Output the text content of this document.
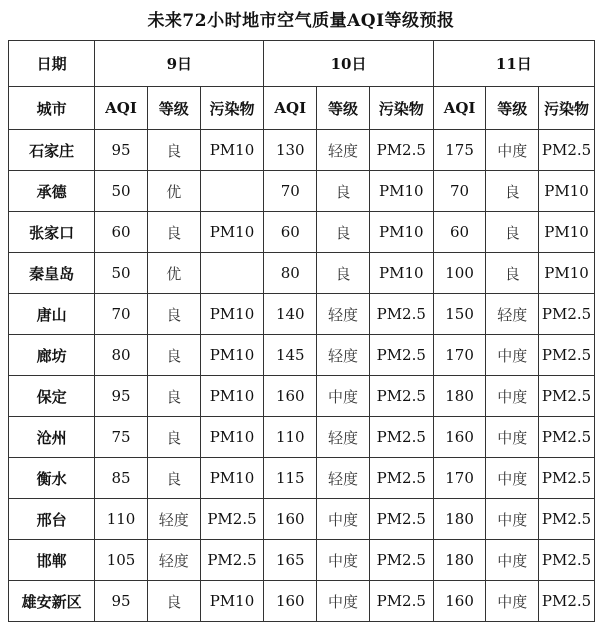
未来72小时地市空气质量AQI等级预报
日期	9日			10日			11日		
城市	AQI	等级	污染物	AQI	等级	污染物	AQI	等级	污染物
石家庄	95	良	PM10	130	轻度	PM2.5	175	中度	PM2.5
承德	50	优		70	良	PM10	70	良	PM10
张家口	60	良	PM10	60	良	PM10	60	良	PM10
秦皇岛	50	优		80	良	PM10	100	良	PM10
唐山	70	良	PM10	140	轻度	PM2.5	150	轻度	PM2.5
廊坊	80	良	PM10	145	轻度	PM2.5	170	中度	PM2.5
保定	95	良	PM10	160	中度	PM2.5	180	中度	PM2.5
沧州	75	良	PM10	110	轻度	PM2.5	160	中度	PM2.5
衡水	85	良	PM10	115	轻度	PM2.5	170	中度	PM2.5
邢台	110	轻度	PM2.5	160	中度	PM2.5	180	中度	PM2.5
邯郸	105	轻度	PM2.5	165	中度	PM2.5	180	中度	PM2.5
雄安新区	95	良	PM10	160	中度	PM2.5	160	中度	PM2.5
